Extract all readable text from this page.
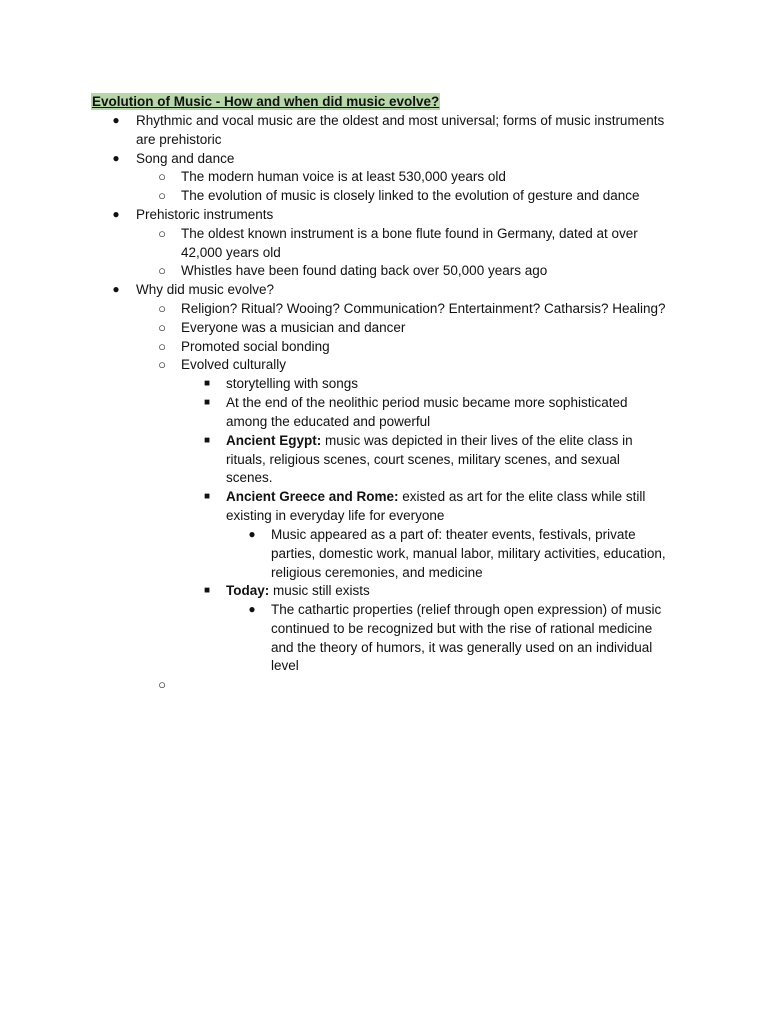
Evolution of Music - How and when did music evolve?
● Rhythmic and vocal music are the oldest and most universal; forms of music instruments
are prehistoric
● Song and dance
○ The modern human voice is at least 530,000 years old
○ The evolution of music is closely linked to the evolution of gesture and dance
● Prehistoric instruments
○ The oldest known instrument is a bone flute found in Germany, dated at over
42,000 years old
○ Whistles have been found dating back over 50,000 years ago
● Why did music evolve?
○ Religion? Ritual? Wooing? Communication? Entertainment? Catharsis? Healing?
○ Everyone was a musician and dancer
○ Promoted social bonding
○ Evolved culturally
■ storytelling with songs
■ At the end of the neolithic period music became more sophisticated
among the educated and powerful
■ Ancient Egypt: music was depicted in their lives of the elite class in
rituals, religious scenes, court scenes, military scenes, and sexual
scenes.
■ Ancient Greece and Rome: existed as art for the elite class while still
existing in everyday life for everyone
● Music appeared as a part of: theater events, festivals, private
parties, domestic work, manual labor, military activities, education,
religious ceremonies, and medicine
■ Today: music still exists
● The cathartic properties (relief through open expression) of music
continued to be recognized but with the rise of rational medicine
and the theory of humors, it was generally used on an individual
level
○
